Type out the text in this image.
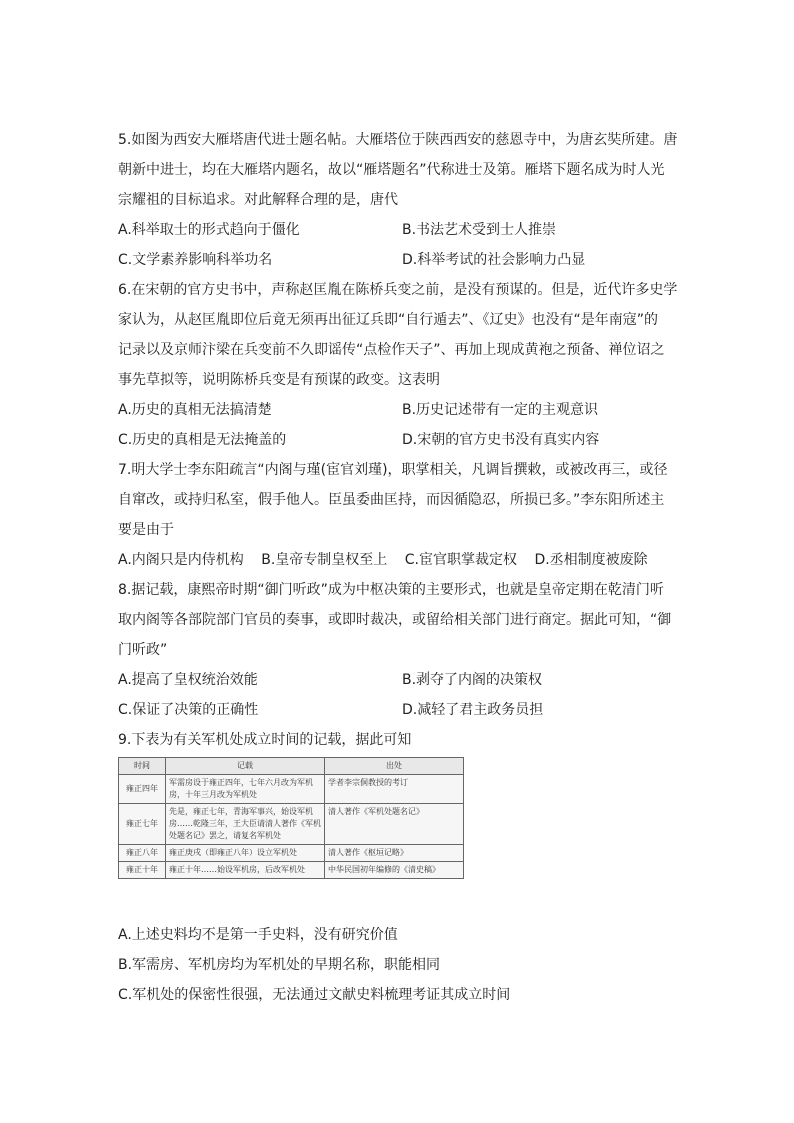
5.如图为西安大雁塔唐代进士题名帖。大雁塔位于陕西西安的慈恩寺中，为唐玄奘所建。唐
朝新中进士，均在大雁塔内题名，故以“雁塔题名”代称进士及第。雁塔下题名成为时人光
宗耀祖的目标追求。对此解释合理的是，唐代
A.科举取士的形式趋向于僵化	B.书法艺术受到士人推崇
C.文学素养影响科举功名	D.科举考试的社会影响力凸显
6.在宋朝的官方史书中，声称赵匡胤在陈桥兵变之前，是没有预谋的。但是，近代许多史学
家认为，从赵匡胤即位后竟无须再出征辽兵即“自行遁去”、《辽史》也没有“是年南寇”的
记录以及京师汴梁在兵变前不久即谣传“点检作天子”、再加上现成黄袍之预备、禅位诏之
事先草拟等，说明陈桥兵变是有预谋的政变。这表明
A.历史的真相无法搞清楚	B.历史记述带有一定的主观意识
C.历史的真相是无法掩盖的	D.宋朝的官方史书没有真实内容
7.明大学士李东阳疏言“内阁与瑾(宦官刘瑾)，职掌相关，凡调旨撰敕，或被改再三，或径
自窜改，或持归私室，假手他人。臣虽委曲匡持，而因循隐忍，所损已多。”李东阳所述主
要是由于
A.内阁只是内侍机构 B.皇帝专制皇权至上 C.宦官职掌裁定权 D.丞相制度被废除
8.据记载，康熙帝时期“御门听政”成为中枢决策的主要形式，也就是皇帝定期在乾清门听
取内阁等各部院部门官员的奏事，或即时裁决，或留给相关部门进行商定。据此可知，“御
门听政”
A.提高了皇权统治效能	B.剥夺了内阁的决策权
C.保证了决策的正确性	D.减轻了君主政务员担
9.下表为有关军机处成立时间的记载，据此可知
时间	记载	出处
雍正四年	军需房设于雍正四年，七年六月改为军机房，十年三月改为军机处	学者李宗侗教授的考订
雍正七年	先是，雍正七年，青海军事兴，始设军机房……乾隆三年，王大臣请清人著作《军机处题名记》罢之，请复名军机处	清人著作《军机处题名记》
雍正八年	雍正庚戌（即雍正八年）设立军机处	清人著作《枢垣记略》
雍正十年	雍正十年……始设军机房，后改军机处	中华民国初年编修的《清史稿》
A.上述史料均不是第一手史料，没有研究价值
B.军需房、军机房均为军机处的早期名称，职能相同
C.军机处的保密性很强，无法通过文献史料梳理考证其成立时间
